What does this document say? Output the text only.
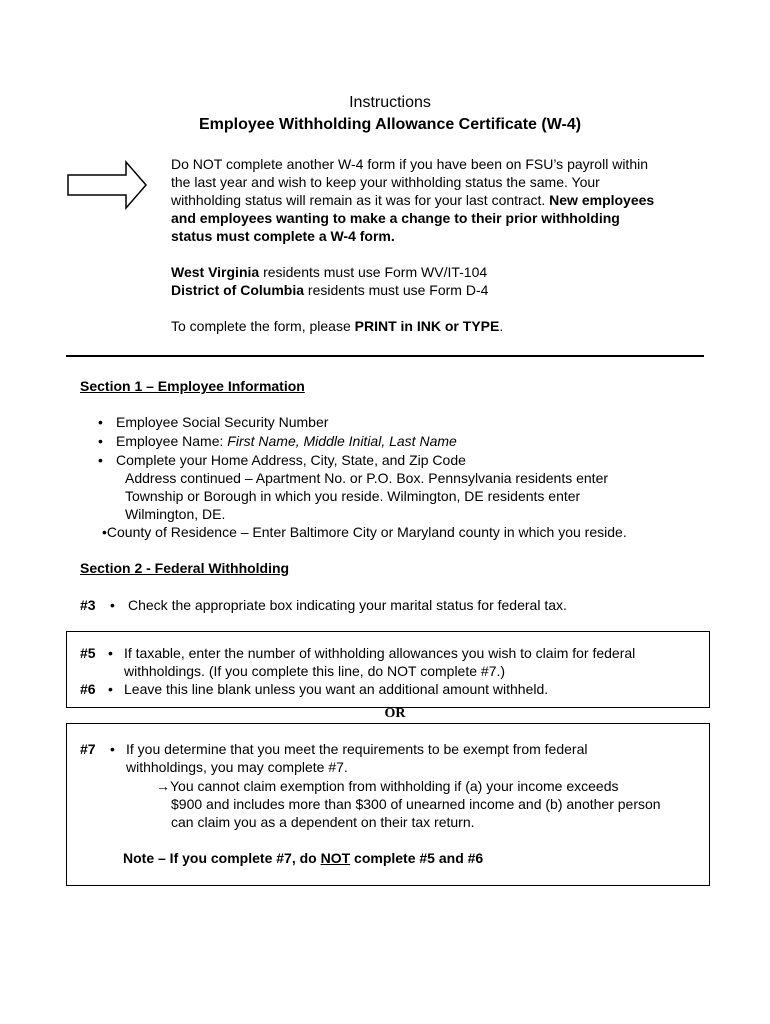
Instructions
Employee Withholding Allowance Certificate (W-4)
Do NOT complete another W-4 form if you have been on FSU’s payroll within
the last year and wish to keep your withholding status the same. Your
withholding status will remain as it was for your last contract. New employees
and employees wanting to make a change to their prior withholding
status must complete a W-4 form.
West Virginia residents must use Form WV/IT-104
District of Columbia residents must use Form D-4
To complete the form, please PRINT in INK or TYPE.
Section 1 – Employee Information
• Employee Social Security Number
• Employee Name: First Name, Middle Initial, Last Name
• Complete your Home Address, City, State, and Zip Code
Address continued – Apartment No. or P.O. Box. Pennsylvania residents enter
Township or Borough in which you reside. Wilmington, DE residents enter
Wilmington, DE.
•County of Residence – Enter Baltimore City or Maryland county in which you reside.
Section 2 - Federal Withholding
#3 • Check the appropriate box indicating your marital status for federal tax.
#5 • If taxable, enter the number of withholding allowances you wish to claim for federal
withholdings. (If you complete this line, do NOT complete #7.)
#6 • Leave this line blank unless you want an additional amount withheld.
OR
#7 • If you determine that you meet the requirements to be exempt from federal
withholdings, you may complete #7.
→You cannot claim exemption from withholding if (a) your income exceeds
$900 and includes more than $300 of unearned income and (b) another person
can claim you as a dependent on their tax return.
Note – If you complete #7, do NOT complete #5 and #6
